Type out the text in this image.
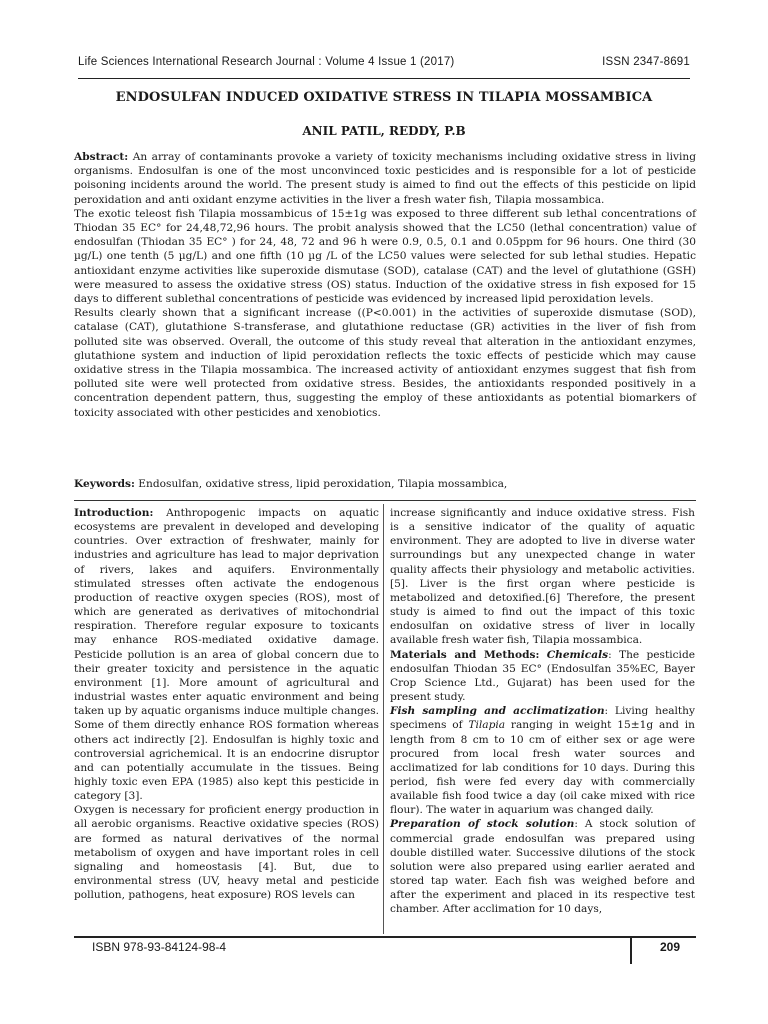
Life Sciences International Research Journal : Volume 4 Issue 1 (2017)	ISSN 2347-8691
ENDOSULFAN INDUCED OXIDATIVE STRESS IN TILAPIA MOSSAMBICA
ANIL PATIL, REDDY, P.B

Abstract: An array of contaminants provoke a variety of toxicity mechanisms including oxidative stress in living organisms. Endosulfan is one of the most unconvinced toxic pesticides and is responsible for a lot of pesticide poisoning incidents around the world. The present study is aimed to find out the effects of this pesticide on lipid peroxidation and anti oxidant enzyme activities in the liver a fresh water fish, Tilapia mossambica.

The exotic teleost fish Tilapia mossambicus of 15±1g was exposed to three different sub lethal concentrations of Thiodan 35 EC° for 24,48,72,96 hours. The probit analysis showed that the LC50 (lethal concentration) value of endosulfan (Thiodan 35 EC° ) for 24, 48, 72 and 96 h were 0.9, 0.5, 0.1 and 0.05ppm for 96 hours. One third (30 µg/L) one tenth (5 µg/L) and one fifth (10 µg /L of the LC50 values were selected for sub lethal studies. Hepatic antioxidant enzyme activities like superoxide dismutase (SOD), catalase (CAT) and the level of glutathione (GSH) were measured to assess the oxidative stress (OS) status. Induction of the oxidative stress in fish exposed for 15 days to different sublethal concentrations of pesticide was evidenced by increased lipid peroxidation levels.

Results clearly shown that a significant increase ((P<0.001) in the activities of superoxide dismutase (SOD), catalase (CAT), glutathione S-transferase, and glutathione reductase (GR) activities in the liver of fish from polluted site was observed. Overall, the outcome of this study reveal that alteration in the antioxidant enzymes, glutathione system and induction of lipid peroxidation reflects the toxic effects of pesticide which may cause oxidative stress in the Tilapia mossambica. The increased activity of antioxidant enzymes suggest that fish from polluted site were well protected from oxidative stress. Besides, the antioxidants responded positively in a concentration dependent pattern, thus, suggesting the employ of these antioxidants as potential biomarkers of toxicity associated with other pesticides and xenobiotics.

Keywords: Endosulfan, oxidative stress, lipid peroxidation, Tilapia mossambica,

Introduction: Anthropogenic impacts on aquatic ecosystems are prevalent in developed and developing countries. Over extraction of freshwater, mainly for industries and agriculture has lead to major deprivation of rivers, lakes and aquifers. Environmentally stimulated stresses often activate the endogenous production of reactive oxygen species (ROS), most of which are generated as derivatives of mitochondrial respiration. Therefore regular exposure to toxicants may enhance ROS-mediated oxidative damage. Pesticide pollution is an area of global concern due to their greater toxicity and persistence in the aquatic environment [1]. More amount of agricultural and industrial wastes enter aquatic environment and being taken up by aquatic organisms induce multiple changes. Some of them directly enhance ROS formation whereas others act indirectly [2]. Endosulfan is highly toxic and controversial agrichemical. It is an endocrine disruptor and can potentially accumulate in the tissues. Being highly toxic even EPA (1985) also kept this pesticide in category [3].

Oxygen is necessary for proficient energy production in all aerobic organisms. Reactive oxidative species (ROS) are formed as natural derivatives of the normal metabolism of oxygen and have important roles in cell signaling and homeostasis [4]. But, due to environmental stress (UV, heavy metal and pesticide pollution, pathogens, heat exposure) ROS levels can

increase significantly and induce oxidative stress. Fish is a sensitive indicator of the quality of aquatic environment. They are adopted to live in diverse water surroundings but any unexpected change in water quality affects their physiology and metabolic activities. [5]. Liver is the first organ where pesticide is metabolized and detoxified.[6] Therefore, the present study is aimed to find out the impact of this toxic endosulfan on oxidative stress of liver in locally available fresh water fish, Tilapia mossambica.

Materials and Methods: Chemicals: The pesticide endosulfan Thiodan 35 EC° (Endosulfan 35%EC, Bayer Crop Science Ltd., Gujarat) has been used for the present study.

Fish sampling and acclimatization: Living healthy specimens of Tilapia ranging in weight 15±1g and in length from 8 cm to 10 cm of either sex or age were procured from local fresh water sources and acclimatized for lab conditions for 10 days. During this period, fish were fed every day with commercially available fish food twice a day (oil cake mixed with rice flour). The water in aquarium was changed daily.

Preparation of stock solution: A stock solution of commercial grade endosulfan was prepared using double distilled water. Successive dilutions of the stock solution were also prepared using earlier aerated and stored tap water. Each fish was weighed before and after the experiment and placed in its respective test chamber. After acclimation for 10 days,

ISBN 978-93-84124-98-4	209
